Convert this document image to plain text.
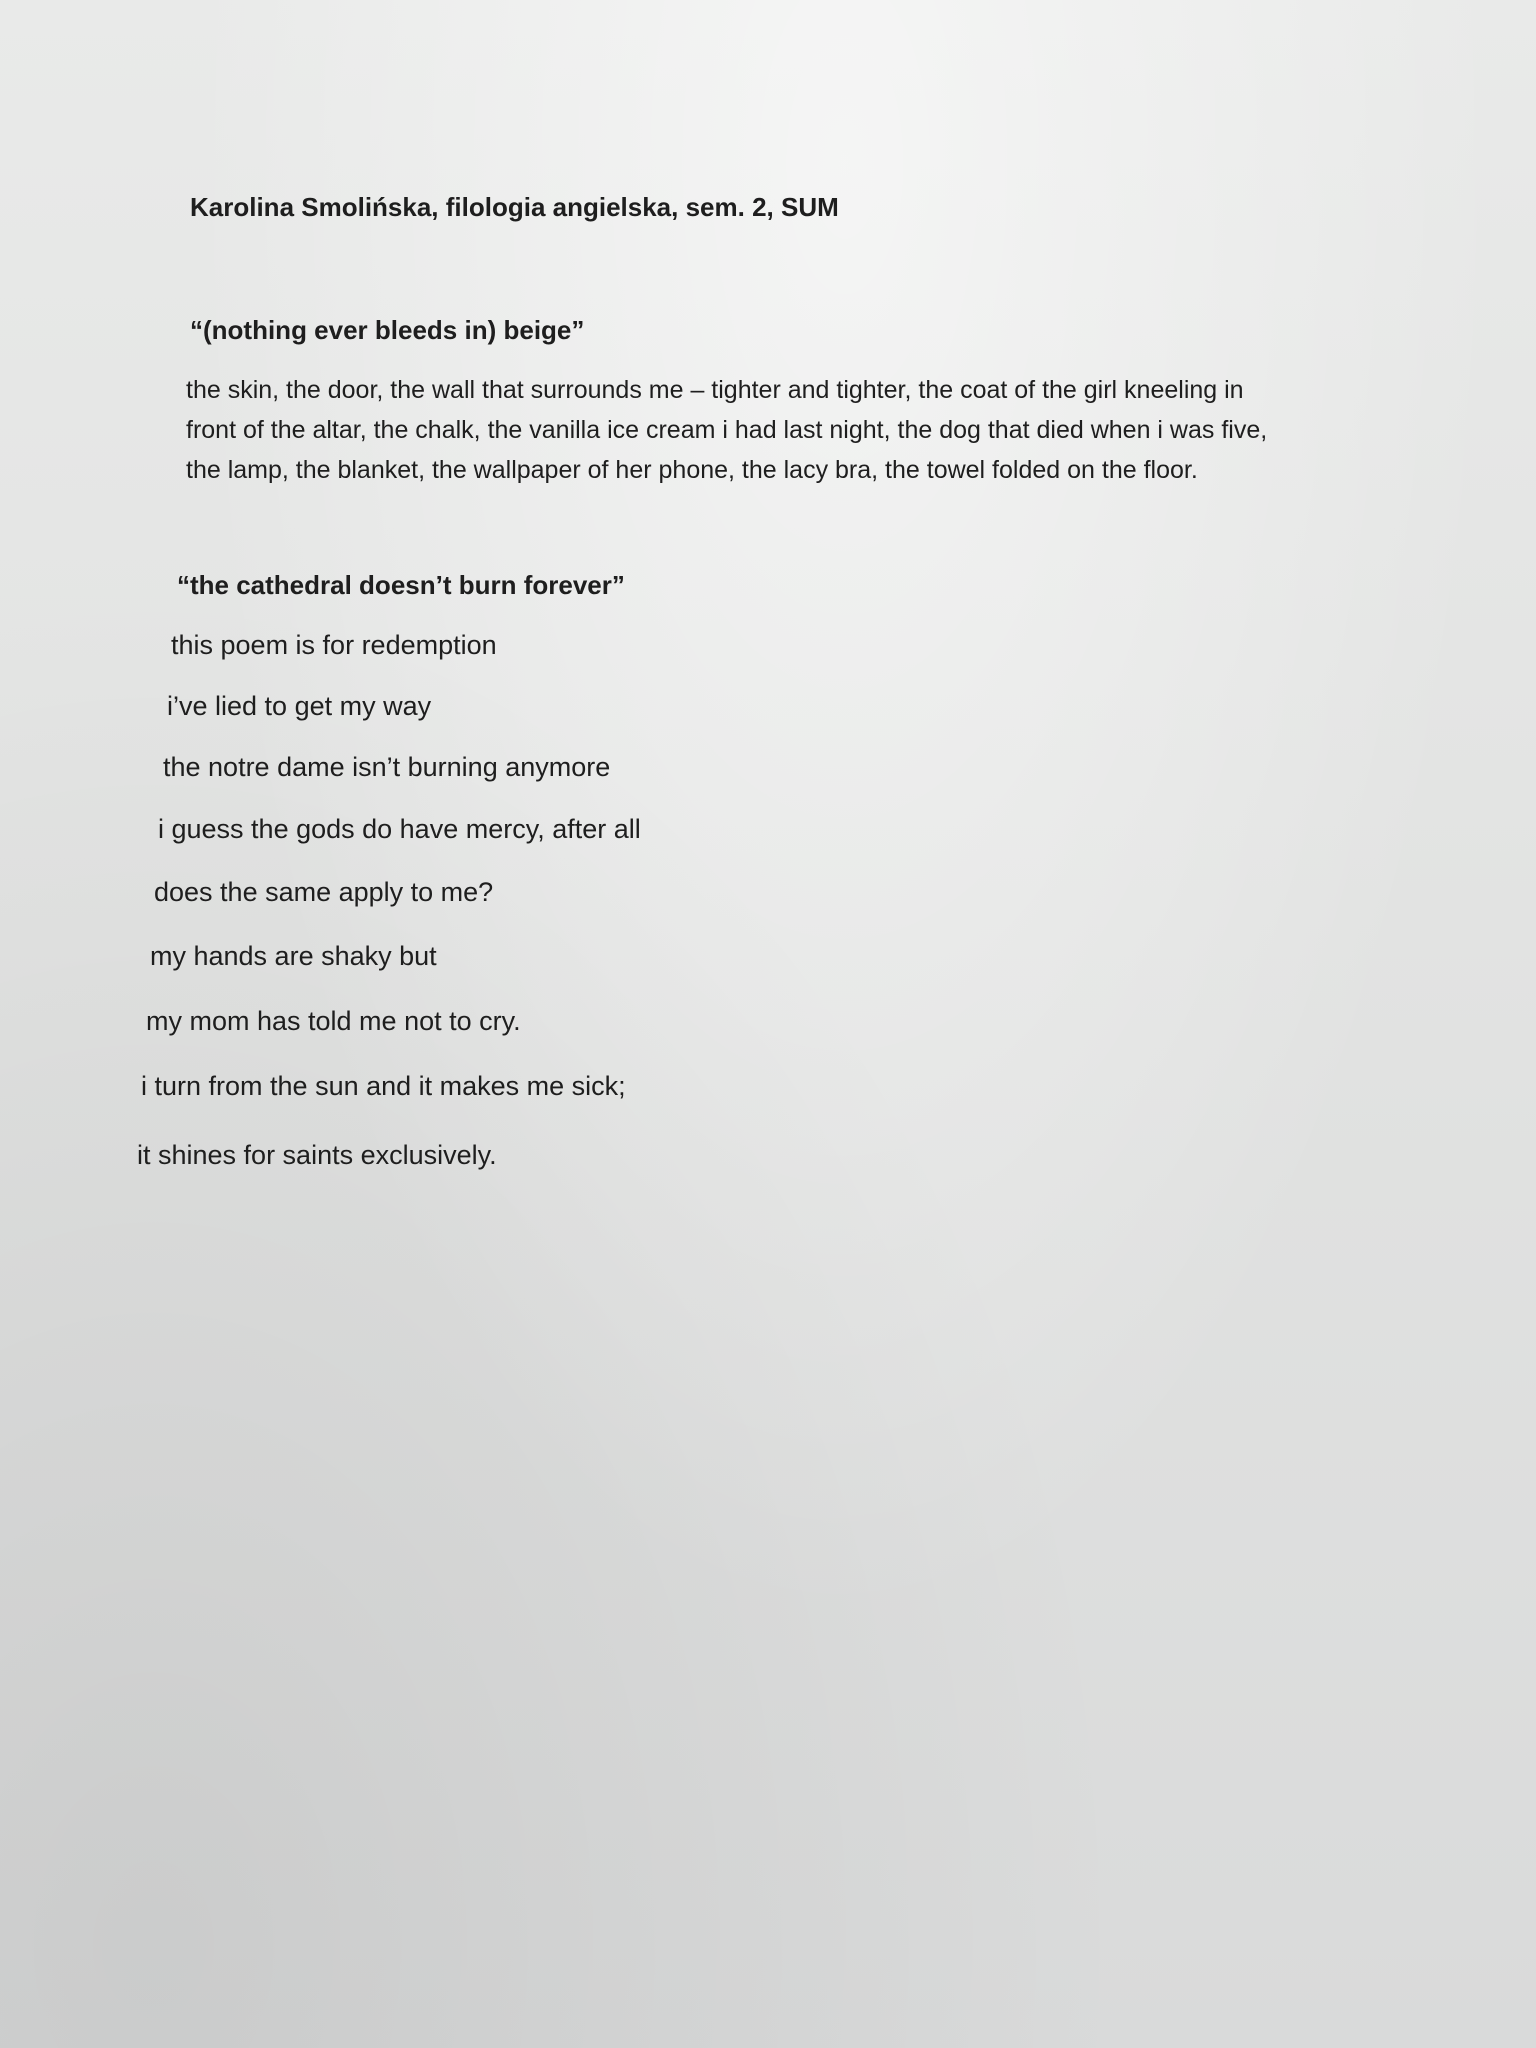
Karolina Smolińska, filologia angielska, sem. 2, SUM
“(nothing ever bleeds in) beige”
the skin, the door, the wall that surrounds me – tighter and tighter, the coat of the girl kneeling in
front of the altar, the chalk, the vanilla ice cream i had last night, the dog that died when i was five,
the lamp, the blanket, the wallpaper of her phone, the lacy bra, the towel folded on the floor.
“the cathedral doesn’t burn forever”
this poem is for redemption
i’ve lied to get my way
the notre dame isn’t burning anymore
i guess the gods do have mercy, after all
does the same apply to me?
my hands are shaky but
my mom has told me not to cry.
i turn from the sun and it makes me sick;
it shines for saints exclusively.
